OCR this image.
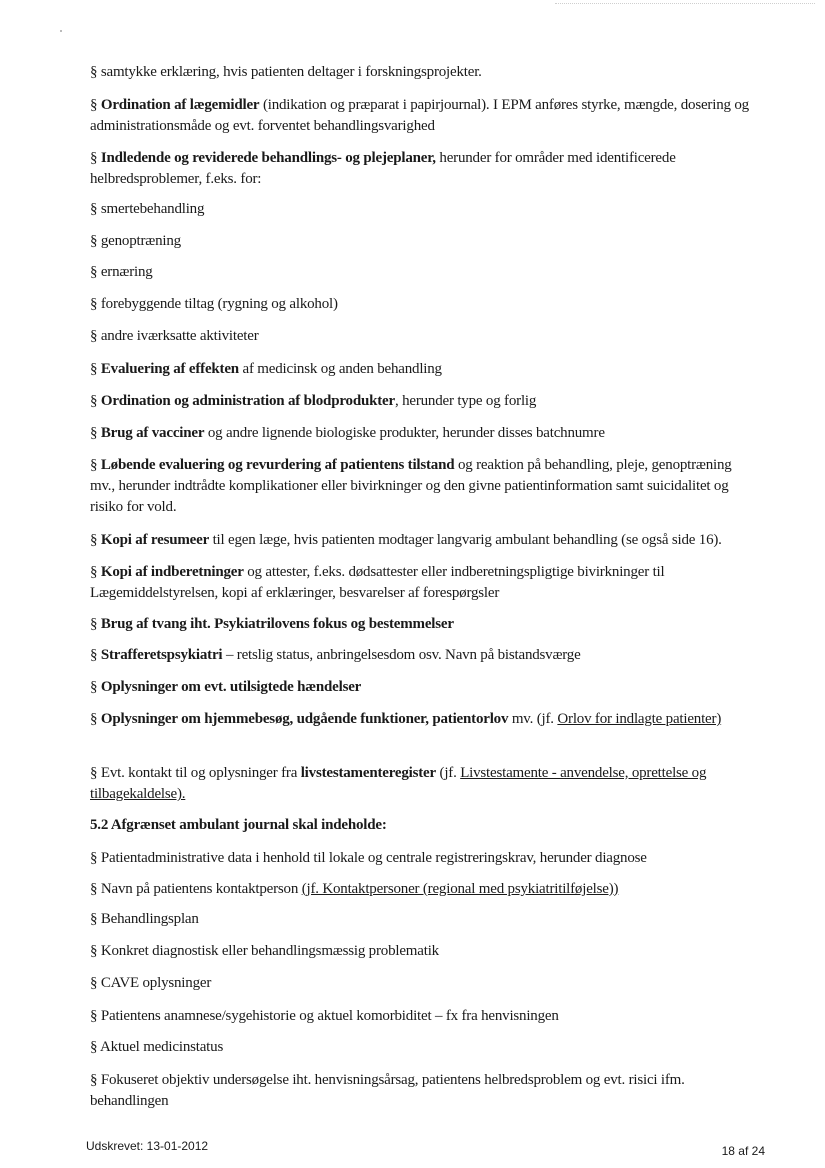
§ samtykke erklæring, hvis patienten deltager i forskningsprojekter.
§ Ordination af lægemidler (indikation og præparat i papirjournal). I EPM anføres styrke, mængde, dosering og administrationsmåde og evt. forventet behandlingsvarighed
§ Indledende og reviderede behandlings- og plejeplaner, herunder for områder med identificerede helbredsproblemer, f.eks. for:
§ smertebehandling
§ genoptræning
§ ernæring
§ forebyggende tiltag (rygning og alkohol)
§ andre iværksatte aktiviteter
§ Evaluering af effekten af medicinsk og anden behandling
§ Ordination og administration af blodprodukter, herunder type og forlig
§ Brug af vacciner og andre lignende biologiske produkter, herunder disses batchnumre
§ Løbende evaluering og revurdering af patientens tilstand og reaktion på behandling, pleje, genoptræning mv., herunder indtrådte komplikationer eller bivirkninger og den givne patientinformation samt suicidalitet og risiko for vold.
§ Kopi af resumeer til egen læge, hvis patienten modtager langvarig ambulant behandling (se også side 16).
§ Kopi af indberetninger og attester, f.eks. dødsattester eller indberetningspligtige bivirkninger til Lægemiddelstyrelsen, kopi af erklæringer, besvarelser af forespørgsler
§ Brug af tvang iht. Psykiatrilovens fokus og bestemmelser
§ Strafferetspsykiatri – retslig status, anbringelsesdom osv. Navn på bistandsværge
§ Oplysninger om evt. utilsigtede hændelser
§ Oplysninger om hjemmebesøg, udgående funktioner, patientorlov mv. (jf. Orlov for indlagte patienter)
§ Evt. kontakt til og oplysninger fra livstestamenteregister (jf. Livstestamente - anvendelse, oprettelse og tilbagekaldelse).
5.2 Afgrænset ambulant journal skal indeholde:
§ Patientadministrative data i henhold til lokale og centrale registreringskrav, herunder diagnose
§ Navn på patientens kontaktperson (jf. Kontaktpersoner (regional med psykiatritilføjelse))
§ Behandlingsplan
§ Konkret diagnostisk eller behandlingsmæssig problematik
§ CAVE oplysninger
§ Patientens anamnese/sygehistorie og aktuel komorbiditet – fx fra henvisningen
§ Aktuel medicinstatus
§ Fokuseret objektiv undersøgelse iht. henvisningsårsag, patientens helbredsproblem og evt. risici ifm. behandlingen
Udskrevet: 13-01-2012	18 af 24
